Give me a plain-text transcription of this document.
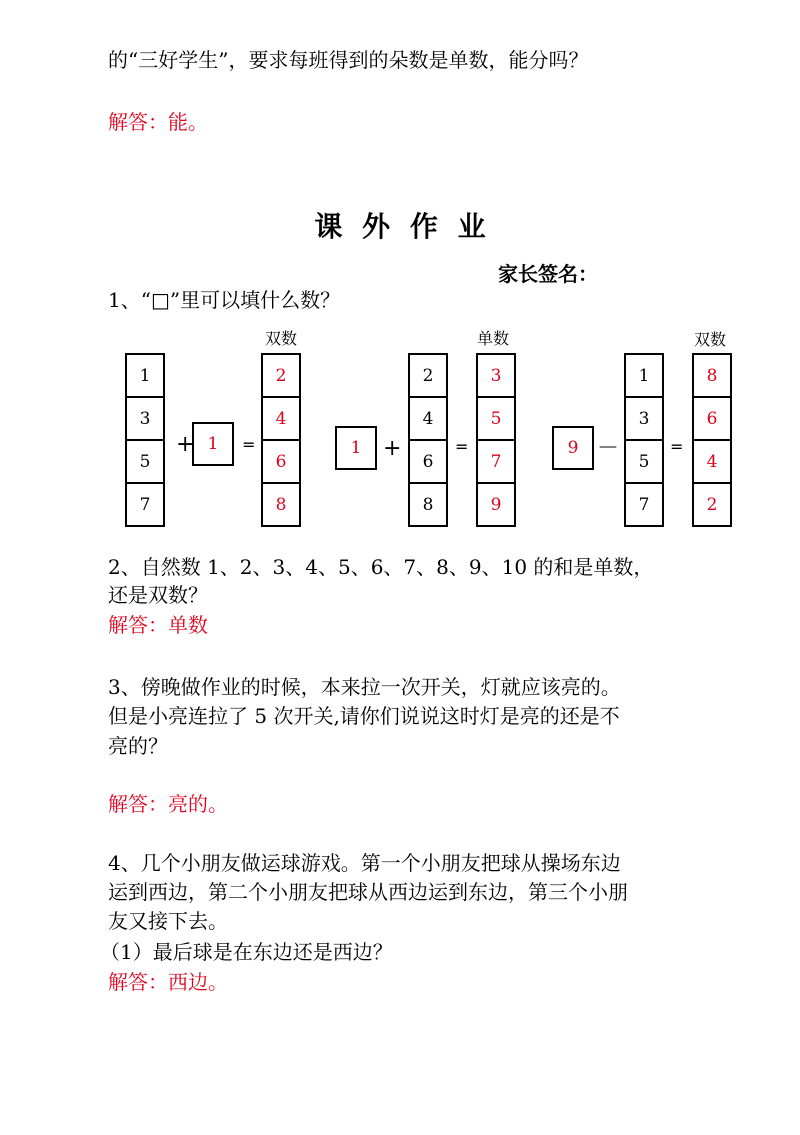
的“三好学生”，要求每班得到的朵数是单数，能分吗？
解答：能。
课 外 作 业
家长签名：
1、“□”里可以填什么数？
双数
1
3
5
7
+ 1	=
2
4
6
8
单数
1 +
2
4
6
8
=
3
5
7
9
双数
9 －
1
3
5
7
=
8
6
4
2
2、自然数 1、2、3、4、5、6、7、8、9、10 的和是单数，
还是双数？
解答：单数
3、傍晚做作业的时候，本来拉一次开关，灯就应该亮的。
但是小亮连拉了 5 次开关,请你们说说这时灯是亮的还是不
亮的？
解答：亮的。
4、几个小朋友做运球游戏。第一个小朋友把球从操场东边
运到西边，第二个小朋友把球从西边运到东边，第三个小朋
友又接下去。
（1）最后球是在东边还是西边？
解答：西边。
